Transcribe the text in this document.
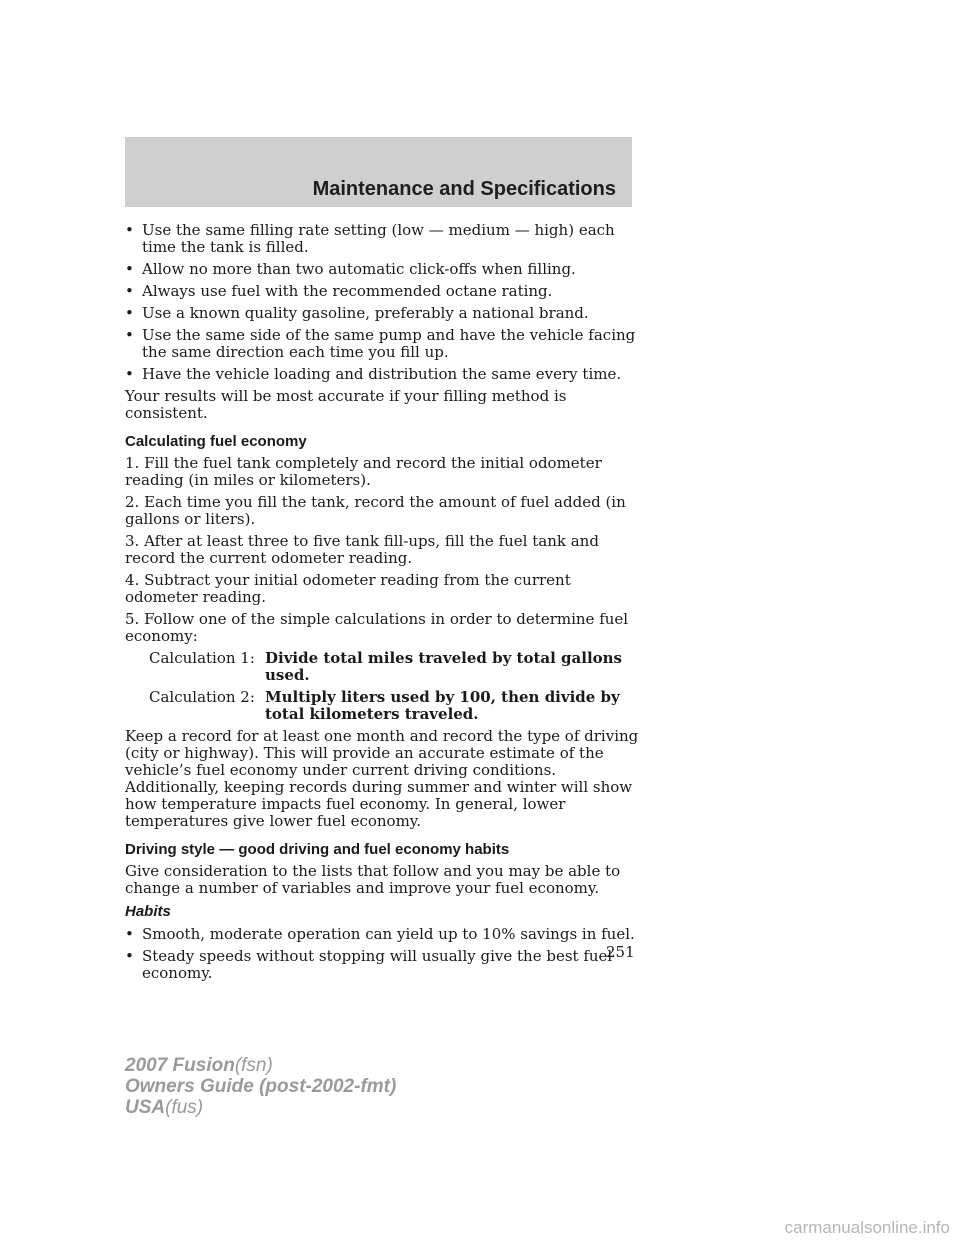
Maintenance and Specifications
• Use the same filling rate setting (low — medium — high) each time the tank is filled.
• Allow no more than two automatic click-offs when filling.
• Always use fuel with the recommended octane rating.
• Use a known quality gasoline, preferably a national brand.
• Use the same side of the same pump and have the vehicle facing the same direction each time you fill up.
• Have the vehicle loading and distribution the same every time.

Your results will be most accurate if your filling method is consistent.

Calculating fuel economy

1. Fill the fuel tank completely and record the initial odometer reading (in miles or kilometers).

2. Each time you fill the tank, record the amount of fuel added (in gallons or liters).

3. After at least three to five tank fill-ups, fill the fuel tank and record the current odometer reading.

4. Subtract your initial odometer reading from the current odometer reading.

5. Follow one of the simple calculations in order to determine fuel economy:

Calculation 1: Divide total miles traveled by total gallons used.
Calculation 2: Multiply liters used by 100, then divide by total kilometers traveled.

Keep a record for at least one month and record the type of driving (city or highway). This will provide an accurate estimate of the vehicle’s fuel economy under current driving conditions. Additionally, keeping records during summer and winter will show how temperature impacts fuel economy. In general, lower temperatures give lower fuel economy.

Driving style — good driving and fuel economy habits

Give consideration to the lists that follow and you may be able to change a number of variables and improve your fuel economy.

Habits
• Smooth, moderate operation can yield up to 10% savings in fuel.
• Steady speeds without stopping will usually give the best fuel economy.
251
2007 Fusion(fsn)
Owners Guide (post-2002-fmt)
USA(fus)
carmanualsonline.info
